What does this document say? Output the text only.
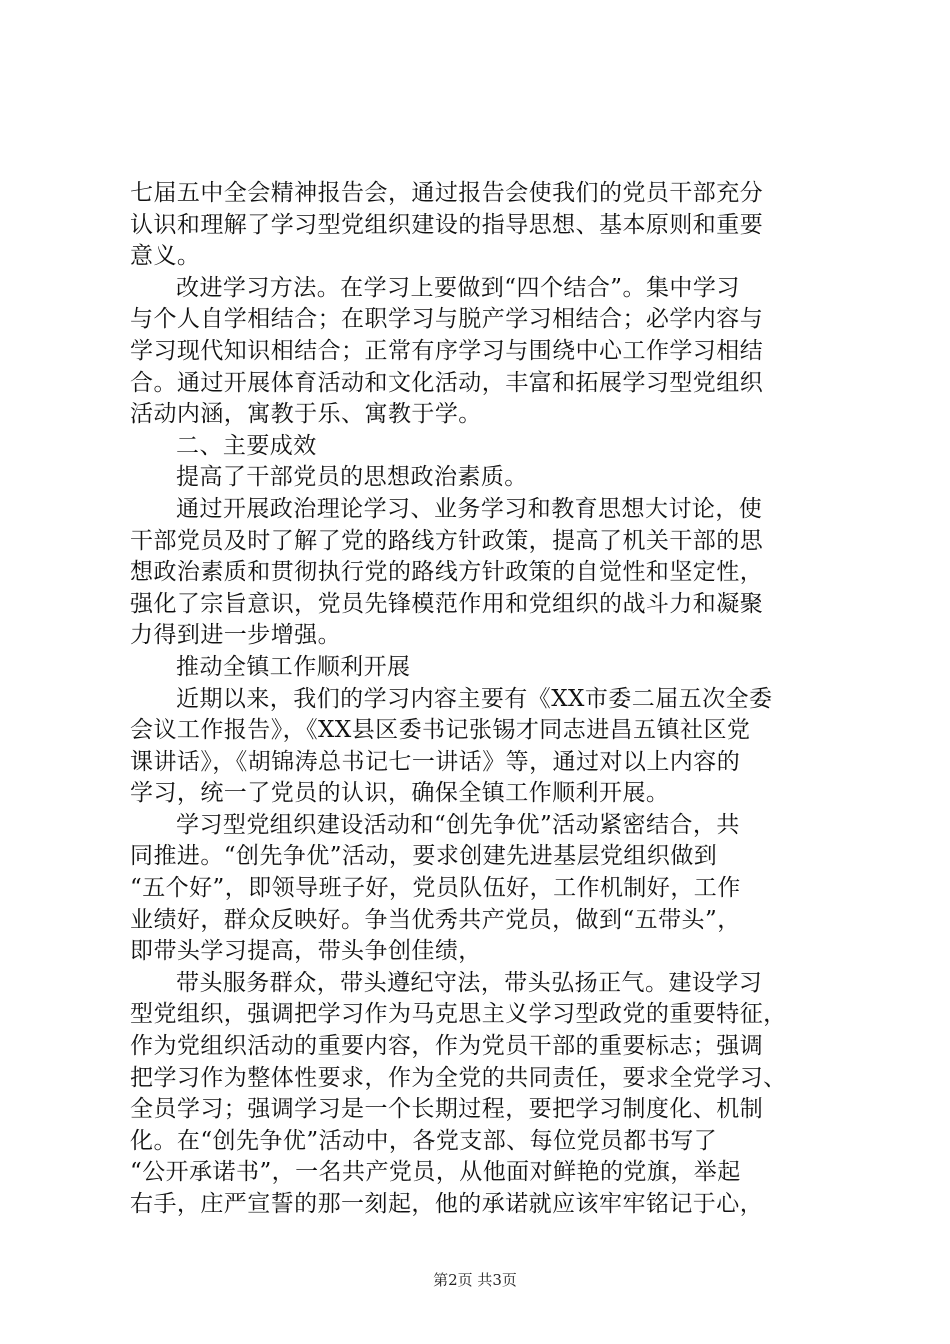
七届五中全会精神报告会，通过报告会使我们的党员干部充分
认识和理解了学习型党组织建设的指导思想、基本原则和重要
意义。
改进学习方法。在学习上要做到“四个结合”。集中学习
与个人自学相结合；在职学习与脱产学习相结合；必学内容与
学习现代知识相结合；正常有序学习与围绕中心工作学习相结
合。通过开展体育活动和文化活动，丰富和拓展学习型党组织
活动内涵，寓教于乐、寓教于学。
二、主要成效
提高了干部党员的思想政治素质。
通过开展政治理论学习、业务学习和教育思想大讨论，使
干部党员及时了解了党的路线方针政策，提高了机关干部的思
想政治素质和贯彻执行党的路线方针政策的自觉性和坚定性，
强化了宗旨意识，党员先锋模范作用和党组织的战斗力和凝聚
力得到进一步增强。
推动全镇工作顺利开展
近期以来，我们的学习内容主要有《XX市委二届五次全委
会议工作报告》，《XX县区委书记张锡才同志进昌五镇社区党
课讲话》，《胡锦涛总书记七一讲话》等，通过对以上内容的
学习，统一了党员的认识，确保全镇工作顺利开展。
学习型党组织建设活动和“创先争优”活动紧密结合，共
同推进。“创先争优”活动，要求创建先进基层党组织做到
“五个好”，即领导班子好，党员队伍好，工作机制好，工作
业绩好，群众反映好。争当优秀共产党员，做到“五带头”，
即带头学习提高，带头争创佳绩，
带头服务群众，带头遵纪守法，带头弘扬正气。建设学习
型党组织，强调把学习作为马克思主义学习型政党的重要特征，
作为党组织活动的重要内容，作为党员干部的重要标志；强调
把学习作为整体性要求，作为全党的共同责任，要求全党学习、
全员学习；强调学习是一个长期过程，要把学习制度化、机制
化。在“创先争优”活动中，各党支部、每位党员都书写了
“公开承诺书”，一名共产党员，从他面对鲜艳的党旗，举起
右手，庄严宣誓的那一刻起，他的承诺就应该牢牢铭记于心，
第2页 共3页
